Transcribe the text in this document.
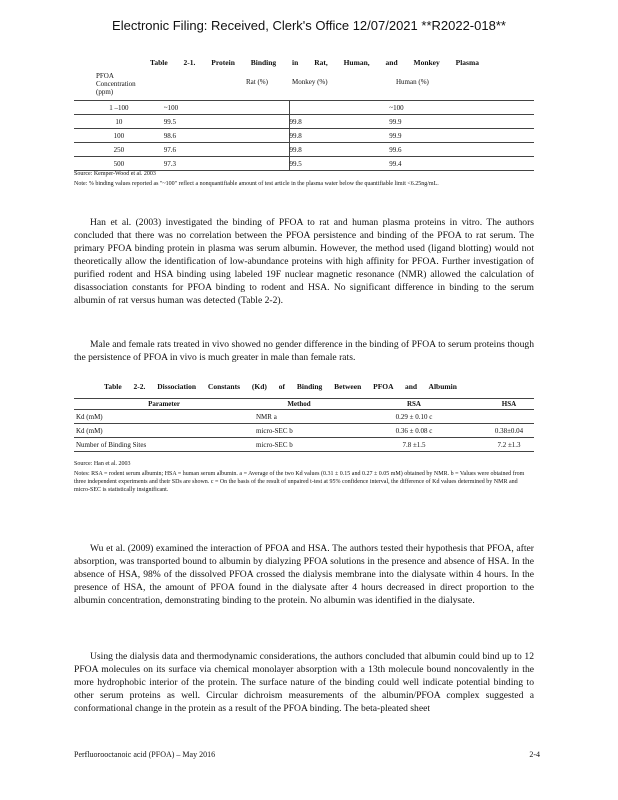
Electronic Filing: Received, Clerk's Office 12/07/2021 **R2022-018**
Table 2-1. Protein Binding in Rat, Human, and Monkey Plasma
PFOA Concentration (ppm)
Rat (%)	Monkey (%)	Human (%)
1 –100	~100		~100
10	99.5	99.8	99.9
100	98.6	99.8	99.9
250	97.6	99.8	99.6
500	97.3	99.5	99.4
Source: Kemper-Wood et al. 2003
Note: % binding values reported as "~100" reflect a nonquantifiable amount of test article in the plasma water below the quantifiable limit <6.25ng/mL.

Han et al. (2003) investigated the binding of PFOA to rat and human plasma proteins in vitro. The authors concluded that there was no correlation between the PFOA persistence and binding of the PFOA to rat serum. The primary PFOA binding protein in plasma was serum albumin. However, the method used (ligand blotting) would not theoretically allow the identification of low-abundance proteins with high affinity for PFOA. Further investigation of purified rodent and HSA binding using labeled 19F nuclear magnetic resonance (NMR) allowed the calculation of disassociation constants for PFOA binding to rodent and HSA. No significant difference in binding to the serum albumin of rat versus human was detected (Table 2-2).

Male and female rats treated in vivo showed no gender difference in the binding of PFOA to serum proteins though the persistence of PFOA in vivo is much greater in male than female rats.

Table 2-2. Dissociation Constants (Kd) of Binding Between PFOA and Albumin
Parameter	Method	RSA	HSA
Kd (mM)	NMR a	0.29 ± 0.10 c	
Kd (mM)	micro-SEC b	0.36 ± 0.08 c	0.38±0.04
Number of Binding Sites	micro-SEC b	7.8 ±1.5	7.2 ±1.3
Source: Han et al. 2003
Notes: RSA = rodent serum albumin; HSA = human serum albumin. a = Average of the two Kd values (0.31 ± 0.15 and 0.27 ± 0.05 mM) obtained by NMR. b = Values were obtained from three independent experiments and their SDs are shown. c = On the basis of the result of unpaired t-test at 95% confidence interval, the difference of Kd values determined by NMR and micro-SEC is statistically insignificant.

Wu et al. (2009) examined the interaction of PFOA and HSA. The authors tested their hypothesis that PFOA, after absorption, was transported bound to albumin by dialyzing PFOA solutions in the presence and absence of HSA. In the absence of HSA, 98% of the dissolved PFOA crossed the dialysis membrane into the dialysate within 4 hours. In the presence of HSA, the amount of PFOA found in the dialysate after 4 hours decreased in direct proportion to the albumin concentration, demonstrating binding to the protein. No albumin was identified in the dialysate.

Using the dialysis data and thermodynamic considerations, the authors concluded that albumin could bind up to 12 PFOA molecules on its surface via chemical monolayer absorption with a 13th molecule bound noncovalently in the more hydrophobic interior of the protein. The surface nature of the binding could well indicate potential binding to other serum proteins as well. Circular dichroism measurements of the albumin/PFOA complex suggested a conformational change in the protein as a result of the PFOA binding. The beta-pleated sheet

Perfluorooctanoic acid (PFOA) – May 2016	2-4
